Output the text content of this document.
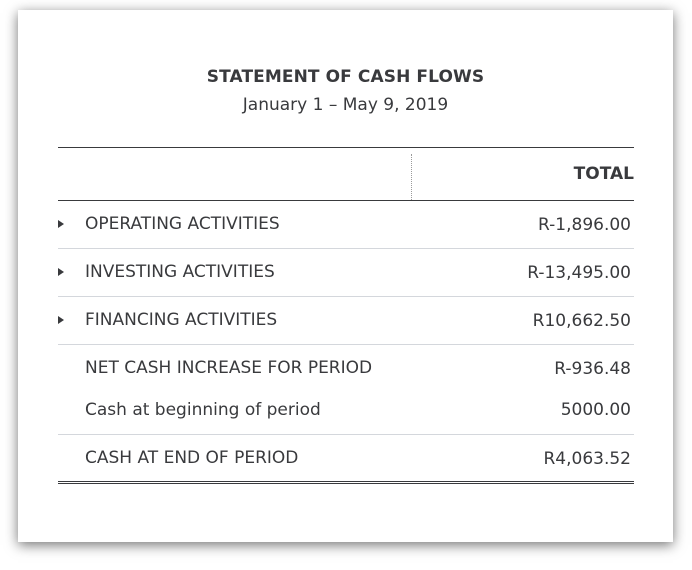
STATEMENT OF CASH FLOWS
January 1 – May 9, 2019
TOTAL
OPERATING ACTIVITIES	R-1,896.00
INVESTING ACTIVITIES	R-13,495.00
FINANCING ACTIVITIES	R10,662.50
NET CASH INCREASE FOR PERIOD	R-936.48
Cash at beginning of period	5000.00
CASH AT END OF PERIOD	R4,063.52
